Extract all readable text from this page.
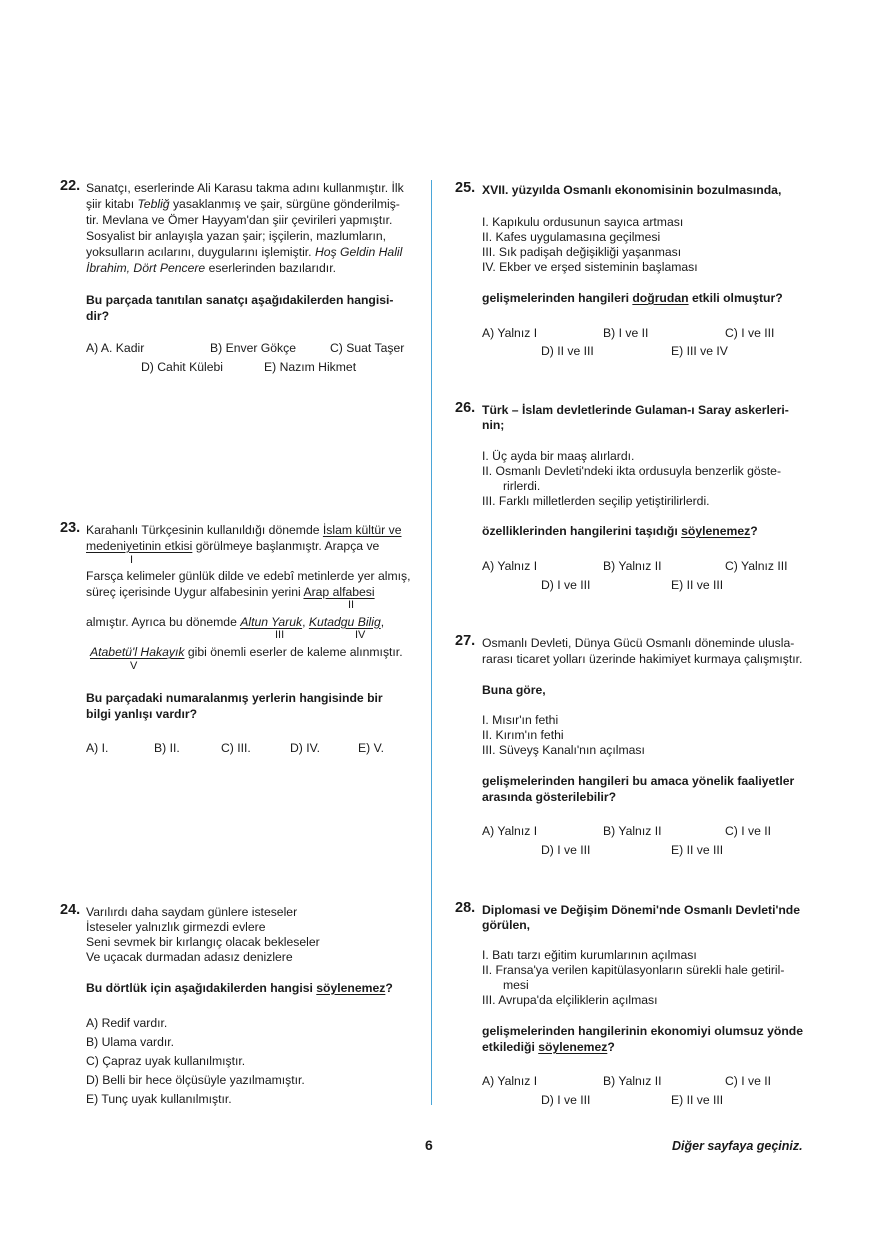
22. Sanatçı, eserlerinde Ali Karasu takma adını kullanmıştır. İlk
şiir kitabı Tebliğ yasaklanmış ve şair, sürgüne gönderilmiş-
tir. Mevlana ve Ömer Hayyam'dan şiir çevirileri yapmıştır.
Sosyalist bir anlayışla yazan şair; işçilerin, mazlumların,
yoksulların acılarını, duygularını işlemiştir. Hoş Geldin Halil
İbrahim, Dört Pencere eserlerinden bazılarıdır.
Bu parçada tanıtılan sanatçı aşağıdakilerden hangisi-
dir?
A) A. Kadir	B) Enver Gökçe	C) Suat Taşer
D) Cahit Külebi	E) Nazım Hikmet
23. Karahanlı Türkçesinin kullanıldığı dönemde İslam kültür ve
medeniyetinin etkisi görülmeye başlanmıştr. Arapça ve
I
Farsça kelimeler günlük dilde ve edebî metinlerde yer almış,
süreç içerisinde Uygur alfabesinin yerini Arap alfabesi
II
almıştır. Ayrıca bu dönemde Altun Yaruk, Kutadgu Bilig,
III	IV
Atabetü'l Hakayık gibi önemli eserler de kaleme alınmıştır.
V
Bu parçadaki numaralanmış yerlerin hangisinde bir
bilgi yanlışı vardır?
A) I.	B) II.	C) III.	D) IV.	E) V.
24. Varılırdı daha saydam günlere isteseler
İsteseler yalnızlık girmezdi evlere
Seni sevmek bir kırlangıç olacak bekleseler
Ve uçacak durmadan adasız denizlere
Bu dörtlük için aşağıdakilerden hangisi söylenemez?
A) Redif vardır.
B) Ulama vardır.
C) Çapraz uyak kullanılmıştır.
D) Belli bir hece ölçüsüyle yazılmamıştır.
E) Tunç uyak kullanılmıştır.
25. XVII. yüzyılda Osmanlı ekonomisinin bozulmasında,
I. Kapıkulu ordusunun sayıca artması
II. Kafes uygulamasına geçilmesi
III. Sık padişah değişikliği yaşanması
IV. Ekber ve erşed sisteminin başlaması
gelişmelerinden hangileri doğrudan etkili olmuştur?
A) Yalnız I	B) I ve II	C) I ve III
D) II ve III	E) III ve IV
26. Türk – İslam devletlerinde Gulaman-ı Saray askerleri-
nin;
I. Üç ayda bir maaş alırlardı.
II. Osmanlı Devleti'ndeki ikta ordusuyla benzerlik göste-
rirlerdi.
III. Farklı milletlerden seçilip yetiştirilirlerdi.
özelliklerinden hangilerini taşıdığı söylenemez?
A) Yalnız I	B) Yalnız II	C) Yalnız III
D) I ve III	E) II ve III
27. Osmanlı Devleti, Dünya Gücü Osmanlı döneminde ulusla-
rarası ticaret yolları üzerinde hakimiyet kurmaya çalışmıştır.
Buna göre,
I. Mısır'ın fethi
II. Kırım'ın fethi
III. Süveyş Kanalı'nın açılması
gelişmelerinden hangileri bu amaca yönelik faaliyetler
arasında gösterilebilir?
A) Yalnız I	B) Yalnız II	C) I ve II
D) I ve III	E) II ve III
28. Diplomasi ve Değişim Dönemi'nde Osmanlı Devleti'nde
görülen,
I. Batı tarzı eğitim kurumlarının açılması
II. Fransa'ya verilen kapitülasyonların sürekli hale getiril-
mesi
III. Avrupa'da elçiliklerin açılması
gelişmelerinden hangilerinin ekonomiyi olumsuz yönde
etkilediği söylenemez?
A) Yalnız I	B) Yalnız II	C) I ve II
D) I ve III	E) II ve III
6	Diğer sayfaya geçiniz.
